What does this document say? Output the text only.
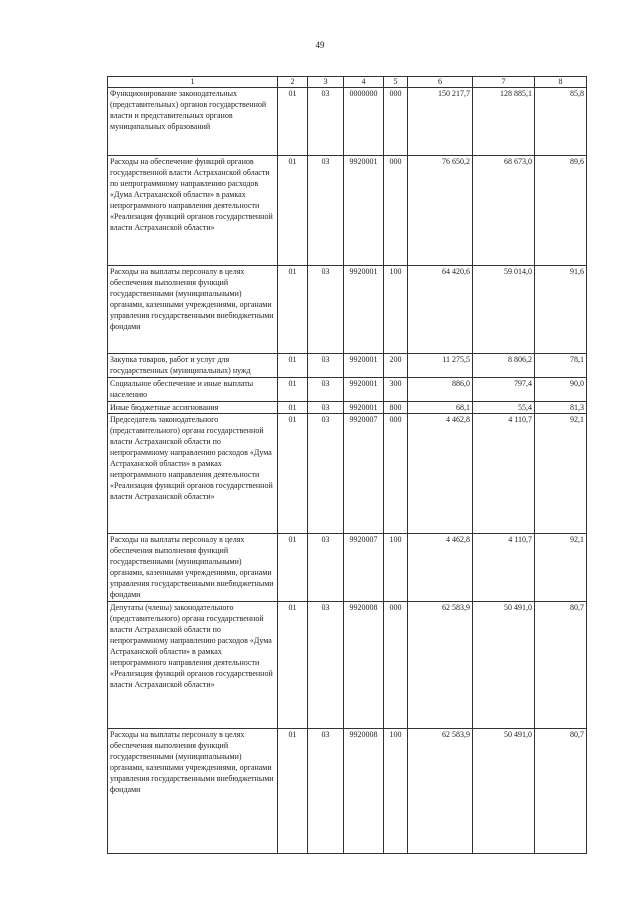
49
1	2	3	4	5	6	7	8
Функционирование законодательных (представительных) органов государственной власти и представительных органов муниципальных образований	01	03	0000000	000	150 217,7	128 885,1	85,8
Расходы на обеспечение функций органов государственной власти Астраханской области по непрограммному направлению расходов «Дума Астраханской области» в рамках непрограммного направления деятельности «Реализация функций органов государственной власти Астраханской области»	01	03	9920001	000	76 650,2	68 673,0	89,6
Расходы на выплаты персоналу в целях обеспечения выполнения функций государственными (муниципальными) органами, казенными учреждениями, органами управления государственными внебюджетными фондами	01	03	9920001	100	64 420,6	59 014,0	91,6
Закупка товаров, работ и услуг для государственных (муниципальных) нужд	01	03	9920001	200	11 275,5	8 806,2	78,1
Социальное обеспечение и иные выплаты населению	01	03	9920001	300	886,0	797,4	90,0
Иные бюджетные ассигнования	01	03	9920001	800	68,1	55,4	81,3
Председатель законодательного (представительного) органа государственной власти Астраханской области по непрограммному направлению расходов «Дума Астраханской области» в рамках непрограммного направления деятельности «Реализация функций органов государственной власти Астраханской области»	01	03	9920007	000	4 462,8	4 110,7	92,1
Расходы на выплаты персоналу в целях обеспечения выполнения функций государственными (муниципальными) органами, казенными учреждениями, органами управления государственными внебюджетными фондами	01	03	9920007	100	4 462,8	4 110,7	92,1
Депутаты (члены) законодательного (представительного) органа государственной власти Астраханской области по непрограммному направлению расходов «Дума Астраханской области» в рамках непрограммного направления деятельности «Реализация функций органов государственной власти Астраханской области»	01	03	9920008	000	62 583,9	50 491,0	80,7
Расходы на выплаты персоналу в целях обеспечения выполнения функций государственными (муниципальными) органами, казенными учреждениями, органами управления государственными внебюджетными фондами	01	03	9920008	100	62 583,9	50 491,0	80,7
